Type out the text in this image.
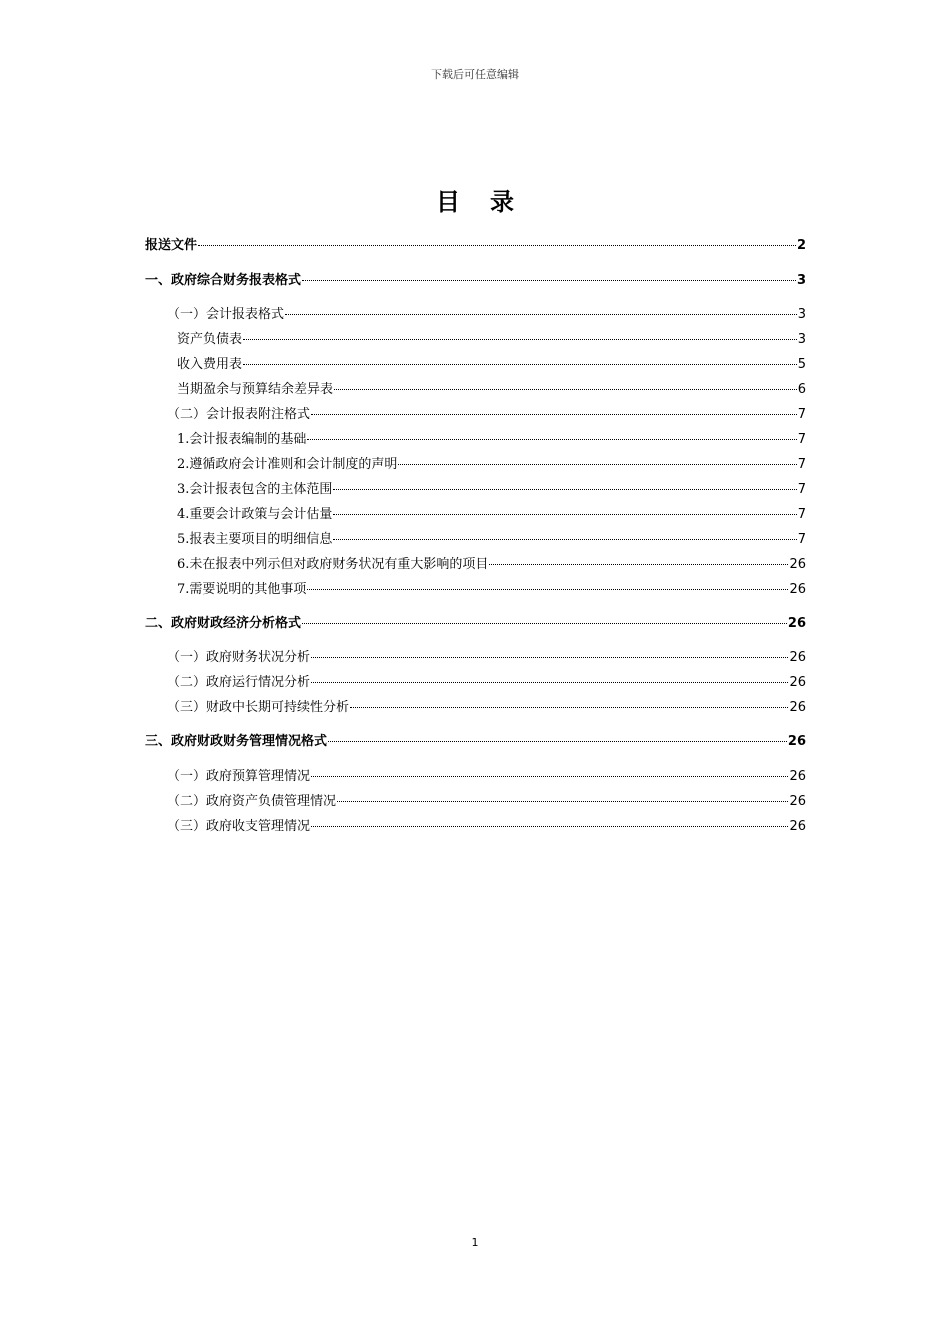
下载后可任意编辑
目录
报送文件	2
一、政府综合财务报表格式	3
（一）会计报表格式	3
资产负债表	3
收入费用表	5
当期盈余与预算结余差异表	6
（二）会计报表附注格式	7
1.会计报表编制的基础	7
2.遵循政府会计准则和会计制度的声明	7
3.会计报表包含的主体范围	7
4.重要会计政策与会计估量	7
5.报表主要项目的明细信息	7
6.未在报表中列示但对政府财务状况有重大影响的项目	26
7.需要说明的其他事项	26
二、政府财政经济分析格式	26
（一）政府财务状况分析	26
（二）政府运行情况分析	26
（三）财政中长期可持续性分析	26
三、政府财政财务管理情况格式	26
（一）政府预算管理情况	26
（二）政府资产负债管理情况	26
（三）政府收支管理情况	26
1
